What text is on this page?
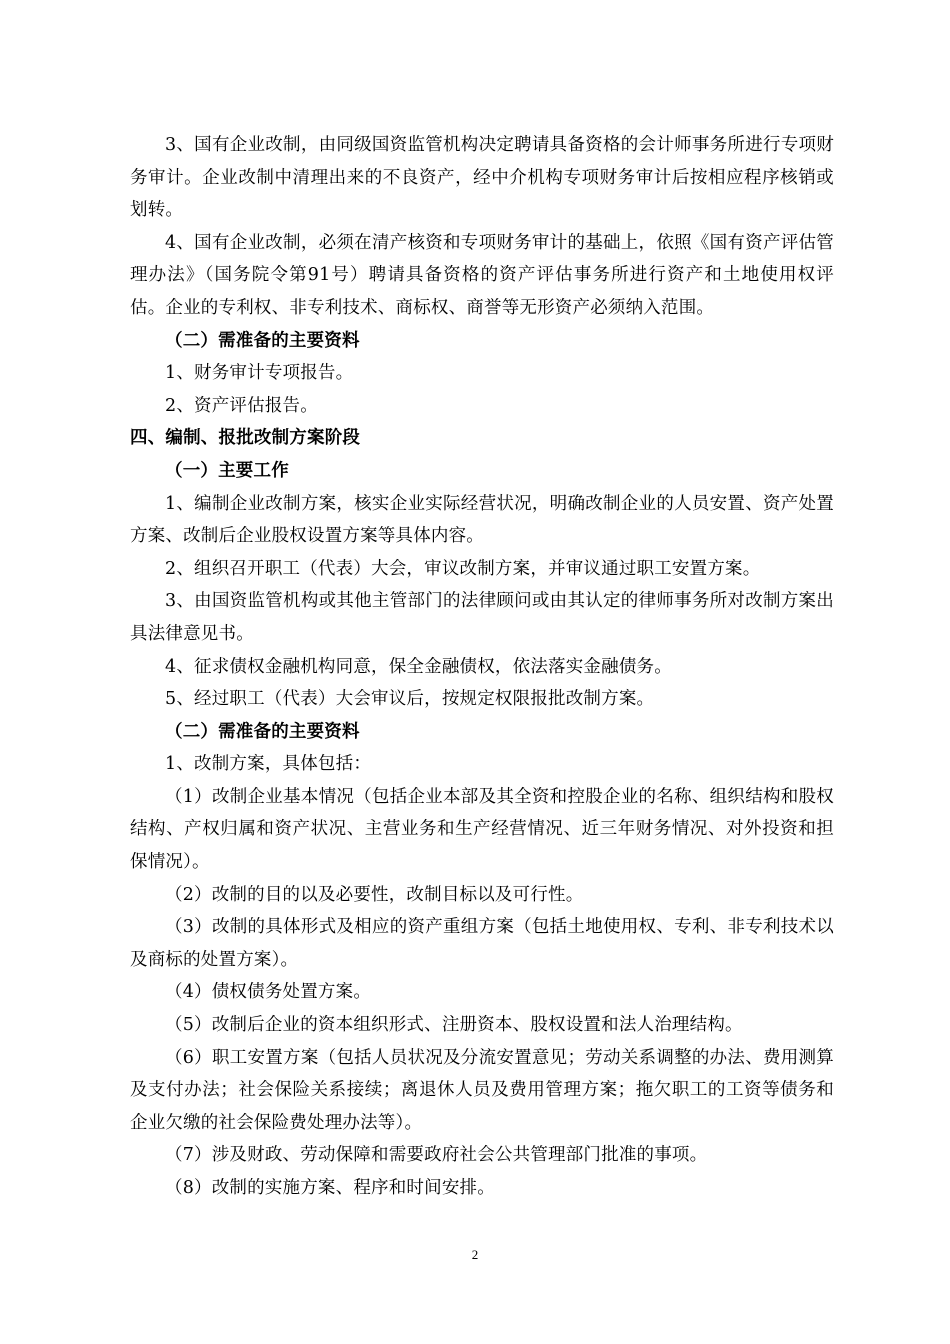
3、国有企业改制，由同级国资监管机构决定聘请具备资格的会计师事务所进行专项财务审计。企业改制中清理出来的不良资产，经中介机构专项财务审计后按相应程序核销或划转。

4、国有企业改制，必须在清产核资和专项财务审计的基础上，依照《国有资产评估管理办法》（国务院令第91号）聘请具备资格的资产评估事务所进行资产和土地使用权评估。企业的专利权、非专利技术、商标权、商誉等无形资产必须纳入范围。

（二）需准备的主要资料

1、财务审计专项报告。

2、资产评估报告。

四、编制、报批改制方案阶段

（一）主要工作

1、编制企业改制方案，核实企业实际经营状况，明确改制企业的人员安置、资产处置方案、改制后企业股权设置方案等具体内容。

2、组织召开职工（代表）大会，审议改制方案，并审议通过职工安置方案。

3、由国资监管机构或其他主管部门的法律顾问或由其认定的律师事务所对改制方案出具法律意见书。

4、征求债权金融机构同意，保全金融债权，依法落实金融债务。

5、经过职工（代表）大会审议后，按规定权限报批改制方案。

（二）需准备的主要资料

1、改制方案，具体包括：

（1）改制企业基本情况（包括企业本部及其全资和控股企业的名称、组织结构和股权结构、产权归属和资产状况、主营业务和生产经营情况、近三年财务情况、对外投资和担保情况）。

（2）改制的目的以及必要性，改制目标以及可行性。

（3）改制的具体形式及相应的资产重组方案（包括土地使用权、专利、非专利技术以及商标的处置方案）。

（4）债权债务处置方案。

（5）改制后企业的资本组织形式、注册资本、股权设置和法人治理结构。

（6）职工安置方案（包括人员状况及分流安置意见；劳动关系调整的办法、费用测算及支付办法；社会保险关系接续；离退休人员及费用管理方案；拖欠职工的工资等债务和企业欠缴的社会保险费处理办法等）。

（7）涉及财政、劳动保障和需要政府社会公共管理部门批准的事项。

（8）改制的实施方案、程序和时间安排。

2
